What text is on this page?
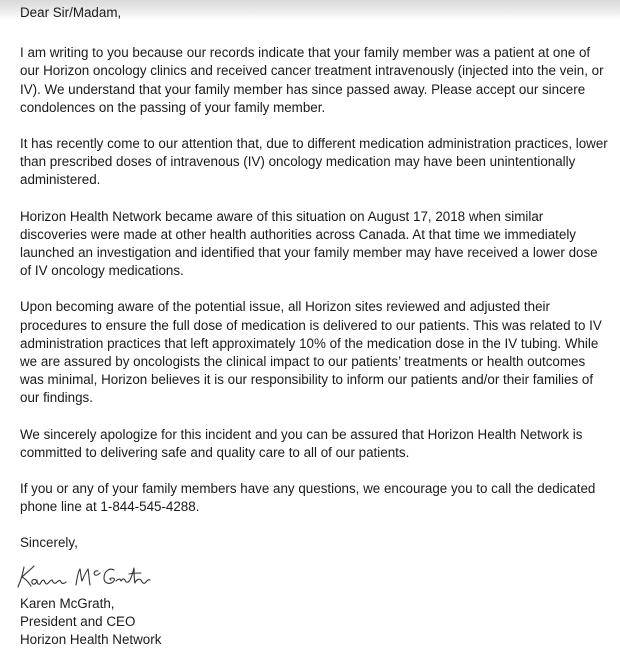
Dear Sir/Madam,

I am writing to you because our records indicate that your family member was a patient at one of our Horizon oncology clinics and received cancer treatment intravenously (injected into the vein, or IV). We understand that your family member has since passed away. Please accept our sincere condolences on the passing of your family member.

It has recently come to our attention that, due to different medication administration practices, lower than prescribed doses of intravenous (IV) oncology medication may have been unintentionally administered.

Horizon Health Network became aware of this situation on August 17, 2018 when similar discoveries were made at other health authorities across Canada. At that time we immediately launched an investigation and identified that your family member may have received a lower dose of IV oncology medications.

Upon becoming aware of the potential issue, all Horizon sites reviewed and adjusted their procedures to ensure the full dose of medication is delivered to our patients. This was related to IV administration practices that left approximately 10% of the medication dose in the IV tubing. While we are assured by oncologists the clinical impact to our patients’ treatments or health outcomes was minimal, Horizon believes it is our responsibility to inform our patients and/or their families of our findings.

We sincerely apologize for this incident and you can be assured that Horizon Health Network is committed to delivering safe and quality care to all of our patients.

If you or any of your family members have any questions, we encourage you to call the dedicated phone line at 1-844-545-4288.

Sincerely,

Karen McGrath,
President and CEO
Horizon Health Network
